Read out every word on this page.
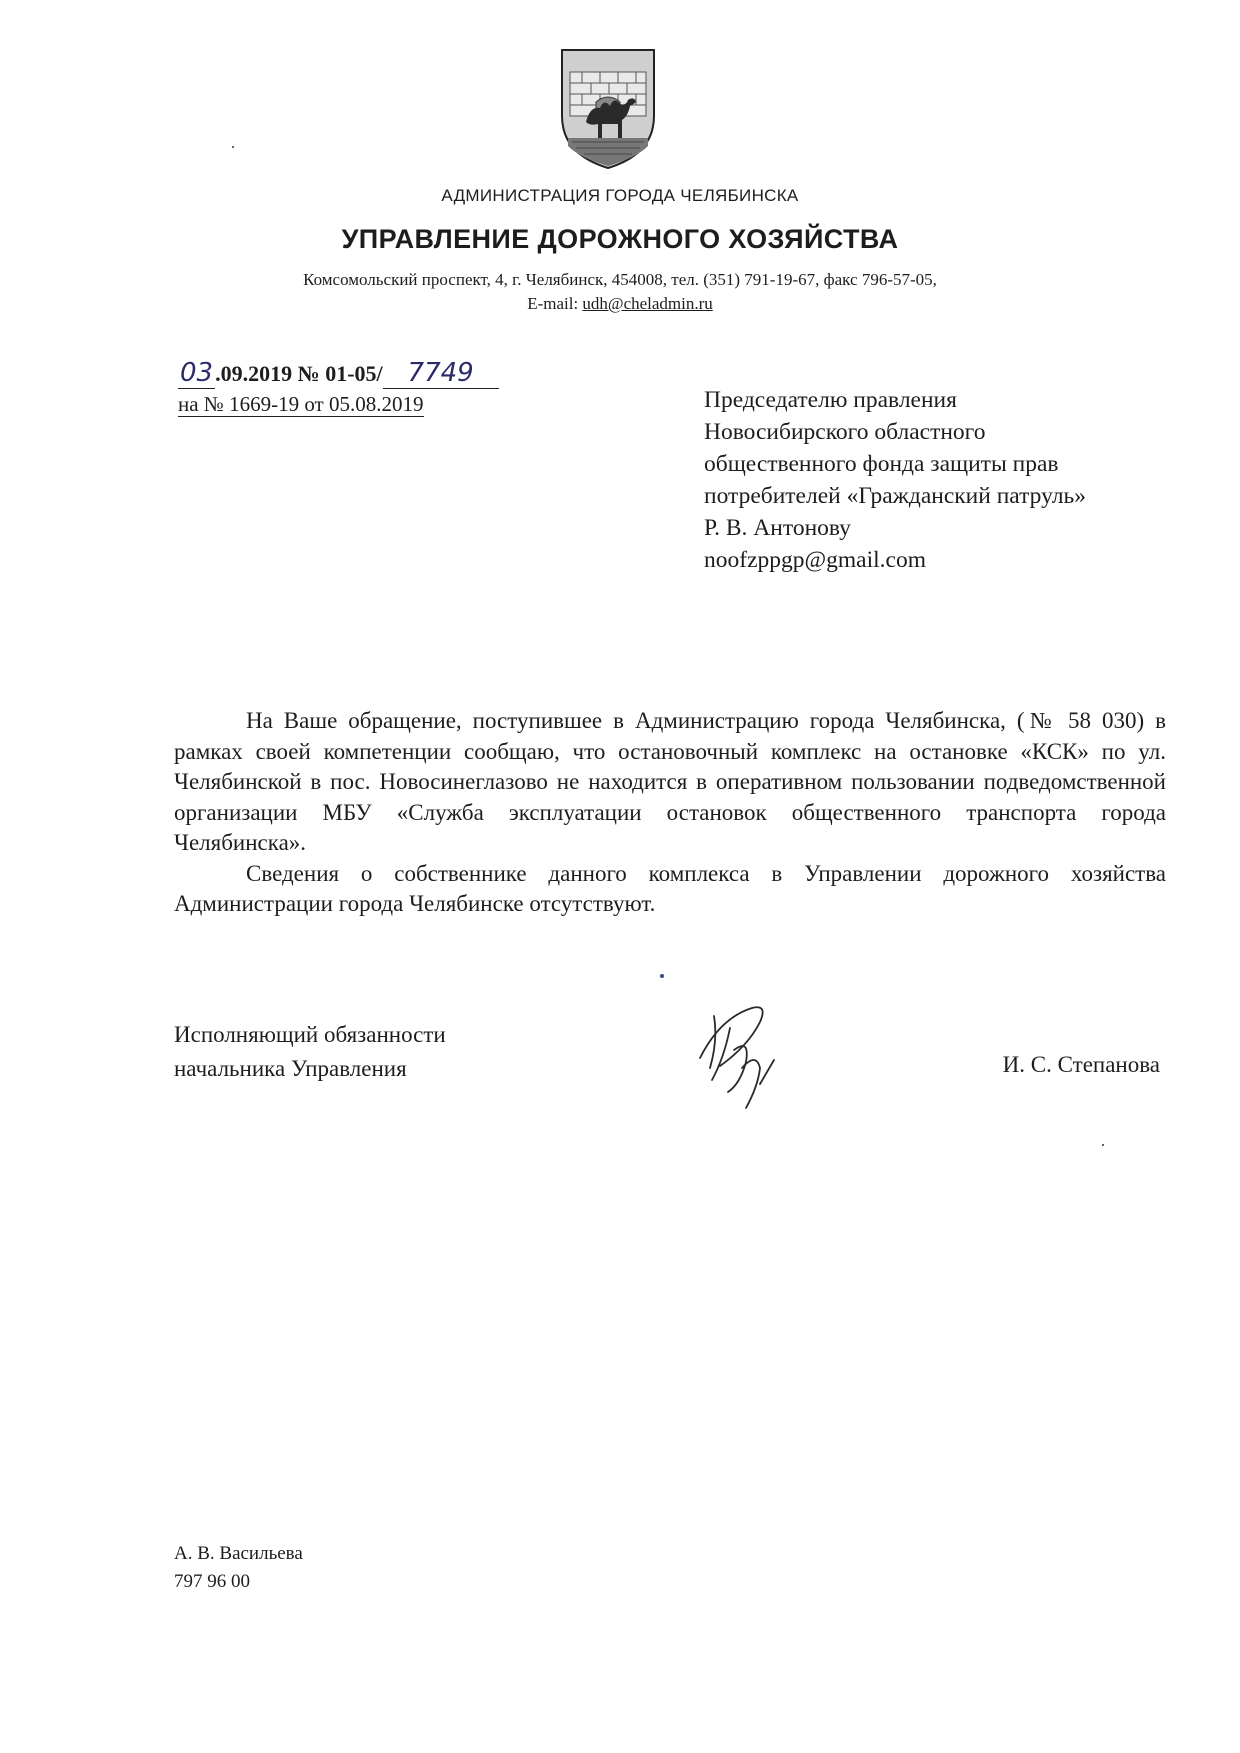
АДМИНИСТРАЦИЯ ГОРОДА ЧЕЛЯБИНСКА
УПРАВЛЕНИЕ ДОРОЖНОГО ХОЗЯЙСТВА
Комсомольский проспект, 4, г. Челябинск, 454008, тел. (351) 791-19-67, факс 796-57-05,
E-mail: udh@cheladmin.ru
03.09.2019 № 01-05/ 7749
на № 1669-19 от 05.08.2019	Председателю правления
Новосибирского областного
общественного фонда защиты прав
потребителей «Гражданский патруль»
Р. В. Антонову
noofzppgp@gmail.com

На Ваше обращение, поступившее в Администрацию города Челябинска, (№ 58 030) в рамках своей компетенции сообщаю, что остановочный комплекс на остановке «КСК» по ул. Челябинской в пос. Новосинеглазово не находится в оперативном пользовании подведомственной организации МБУ «Служба эксплуатации остановок общественного транспорта города Челябинска».

Сведения о собственнике данного комплекса в Управлении дорожного хозяйства Администрации города Челябинске отсутствуют.

Исполняющий обязанности
начальника Управления	И. С. Степанова
А. В. Васильева
797 96 00
